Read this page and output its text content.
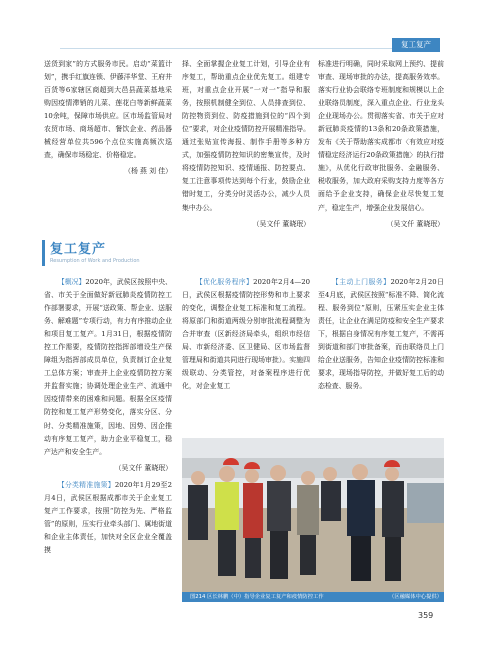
复工复产

送货到家”的方式服务市民。启动“菜篮计划”，携手红旗连锁、伊藤洋华堂、王府井百货等6家辖区商超到大邑县蔬菜基地采购因疫情滞销的儿菜、莲花白等新鲜蔬菜10余吨，保障市场供应。区市场监管局对农贸市场、商场超市、餐饮企业、药品器械经营单位共596个点位实施高频次巡查，确保市场稳定、价格稳定。

（杨 燕 刘 佳）

择、全面掌握企业复工计划，引导企业有序复工，帮助重点企业优先复工。组建专班，对重点企业开展“一对一”指导和服务，按照机制健全到位、人员排查到位、防控物资到位、防疫措施到位的“四个到位”要求，对企业疫情防控开展精准指导。通过张贴宣传海报、制作手册等多种方式，加强疫情防控知识的密集宣传，及时将疫情防控知识、疫情通报、防控要点、复工注意事项传达到每个行业，鼓励企业错时复工，分类分时灵活办公，减少人员集中办公。

（吴文仟 董晓珉）

标准进行明确，同时采取网上预约、提前审查、现场审批的办法，提高服务效率。落实行业协会联络专班制度和规模以上企业联络员制度，深入重点企业、行业龙头企业现场办公。贯彻落实省、市关于应对新冠肺炎疫情的13条和20条政策措施，发布《关于帮助落实成都市〈有效应对疫情稳定经济运行20条政策措施〉的执行措施》，从优化行政审批服务、金融服务、税收服务，加大政府采购支持力度等各方面给予企业支持，确保企业尽快复工复产，稳定生产，增强企业发展信心。

（吴文仟 董晓珉）
复工复产
Resumption of Work and Production

【概况】2020年，武侯区按照中央、省、市关于全面做好新冠肺炎疫情防控工作部署要求，开展“送政策、帮企业、送服务、解难题”专项行动，有力有序推动企业和项目复工复产。1月31日，根据疫情防控工作需要，疫情防控指挥部增设生产保障组为指挥部成员单位，负责制订企业复工总体方案；审查并上企业疫情防控方案并监督实施；协调处理企业生产、流通中因疫情带来的困难和问题。根据全区疫情防控和复工复产形势变化，落实分区、分时、分类精准施策，因地、因势、因企推动有序复工复产，助力企业平稳复工，稳产达产和安全生产。

（吴文仟 董晓珉）

【分类精准施策】2020年1月29至2月4日，武侯区根据成都市关于企业复工复产工作要求，按照“防控为先、严格监管”的原则，压实行业牵头部门、属地街道和企业主体责任，加快对全区企业全覆盖摸

【优化服务程序】2020年2月4—20日，武侯区根据疫情防控形势和市上要求的变化，调整企业复工标准和复工流程。将原部门和街道两级分别审批流程调整为合并审查（区新经济局牵头，组织市经信局、市新经济委、区卫健局、区市场监督管理局和街道共同进行现场审批）。实施四级联动、分类管控，对备案程序进行优化，对企业复工

【主动上门服务】2020年2月20日至4月底，武侯区按照“标准不降、简化流程、服务到位”原则，压紧压实企业主体责任，让企业在满足防疫和安全生产要求下，根据自身情况有序复工复产，不需再到街道和部门审批备案，而由联络员上门给企业送服务，告知企业疫情防控标准和要求，现场指导防控，并做好复工后的动态检查、服务。

图214 区长林鹏（中）指导企业复工复产和疫情防控工作	（区融媒体中心提供）
359
